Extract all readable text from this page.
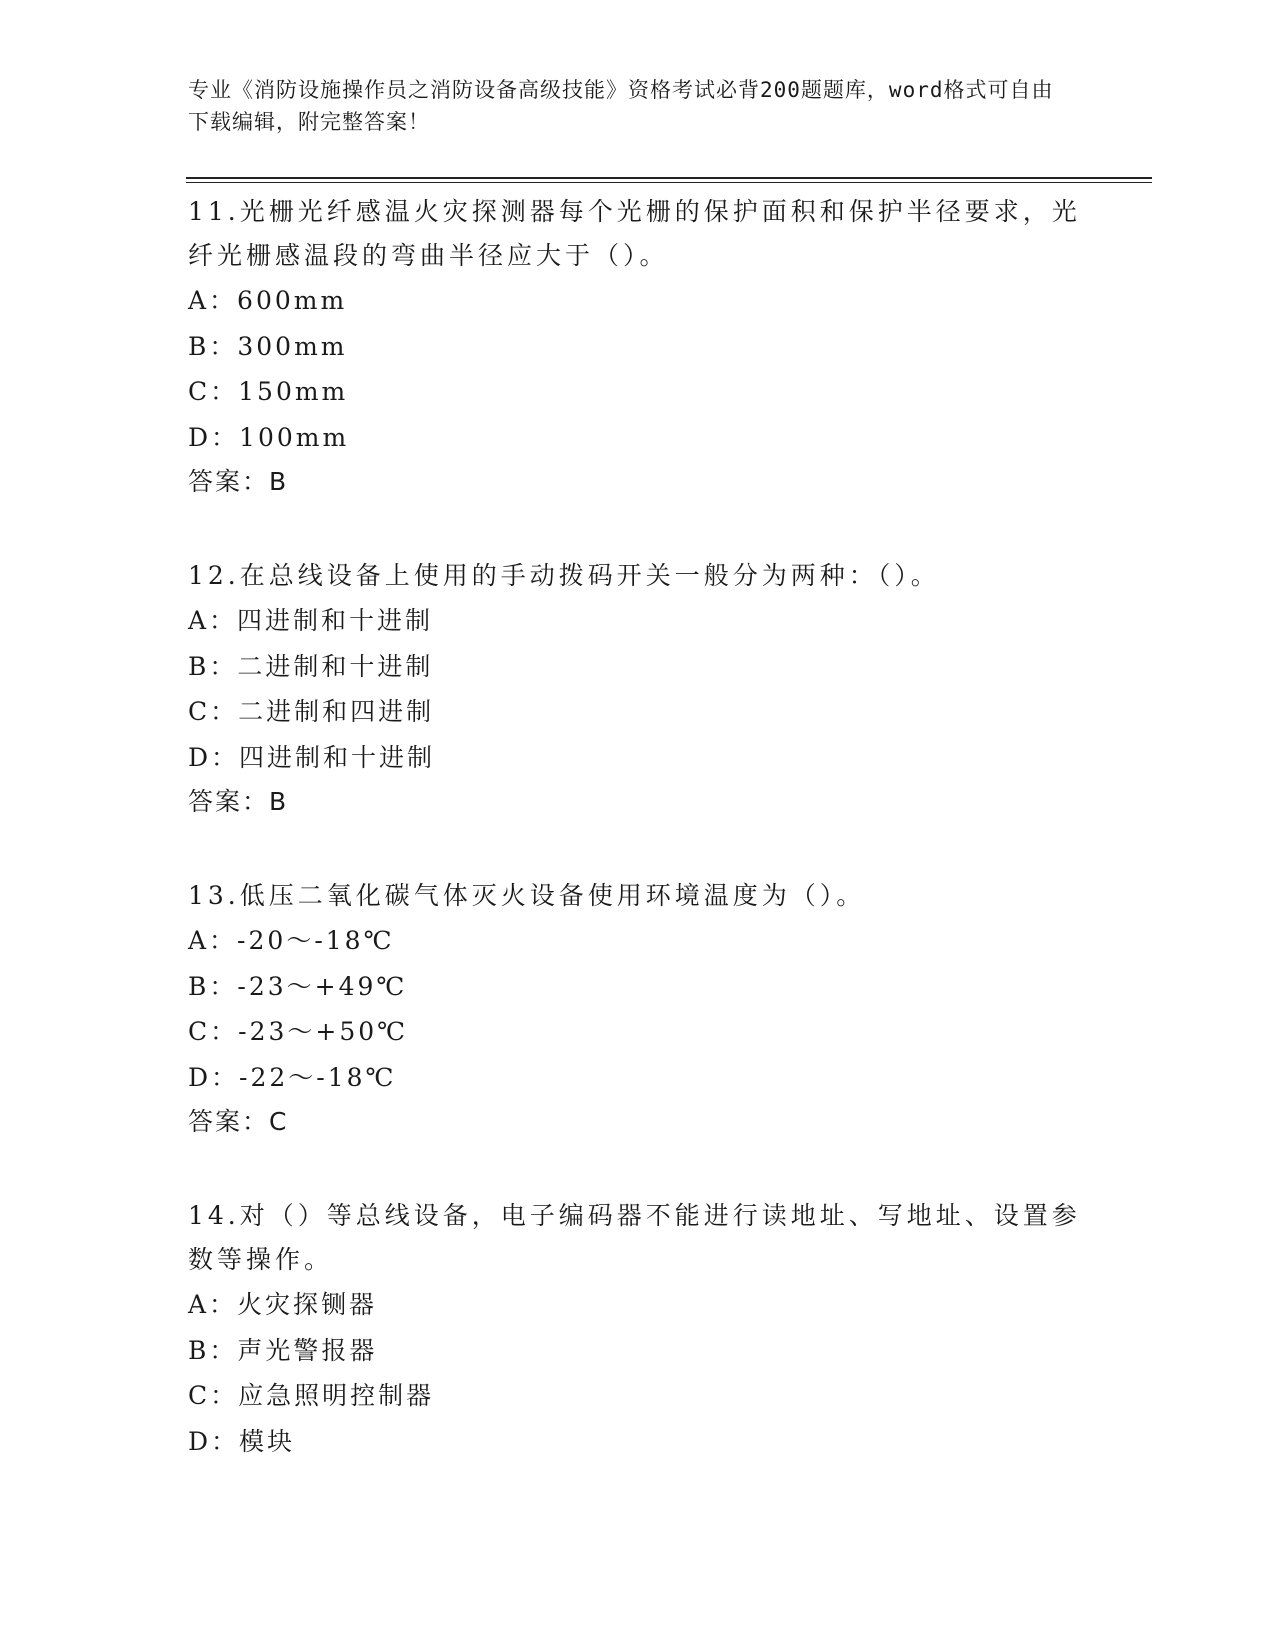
专业《消防设施操作员之消防设备高级技能》资格考试必背200题题库，word格式可自由下载编辑，附完整答案！
11.光栅光纤感温火灾探测器每个光栅的保护面积和保护半径要求，光纤光栅感温段的弯曲半径应大于（）。
A：600mm
B：300mm
C：150mm
D：100mm
答案：B
12.在总线设备上使用的手动拨码开关一般分为两种：（）。
A：四进制和十进制
B：二进制和十进制
C：二进制和四进制
D：四进制和十进制
答案：B
13.低压二氧化碳气体灭火设备使用环境温度为（）。
A：-20～-18℃
B：-23～+49℃
C：-23～+50℃
D：-22～-18℃
答案：C
14.对（）等总线设备，电子编码器不能进行读地址、写地址、设置参数等操作。
A：火灾探铡器
B：声光警报器
C：应急照明控制器
D：模块
